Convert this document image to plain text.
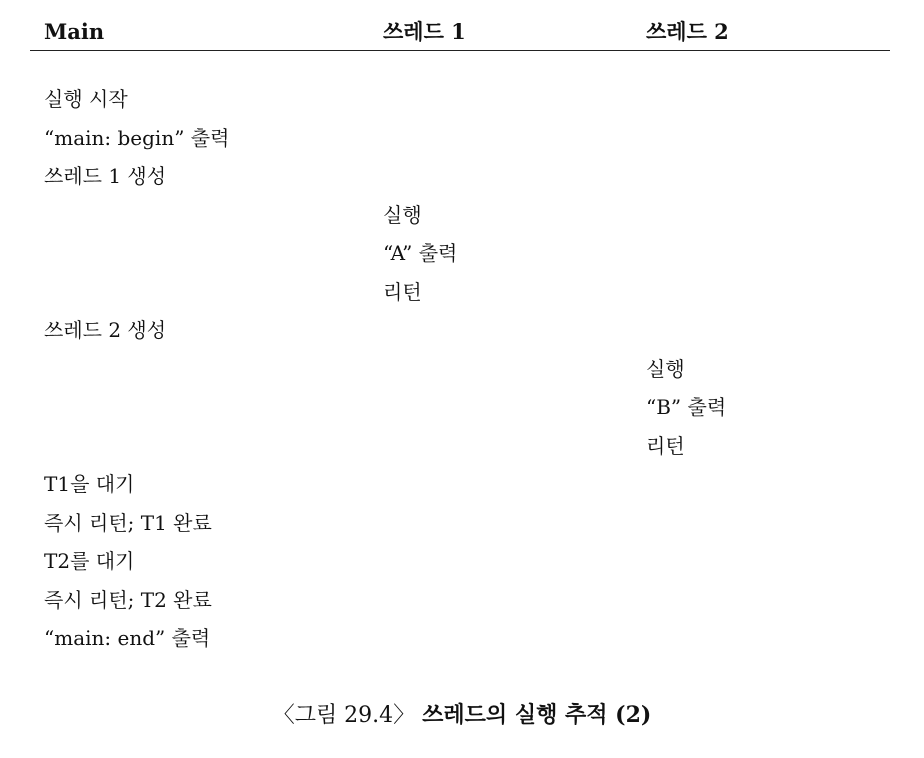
Main	쓰레드 1	쓰레드 2
실행 시작
“main: begin” 출력
쓰레드 1 생성
실행
“A” 출력
리턴
쓰레드 2 생성
실행
“B” 출력
리턴
T1을 대기
즉시 리턴; T1 완료
T2를 대기
즉시 리턴; T2 완료
“main: end” 출력
〈그림 29.4〉 쓰레드의 실행 추적 (2)
